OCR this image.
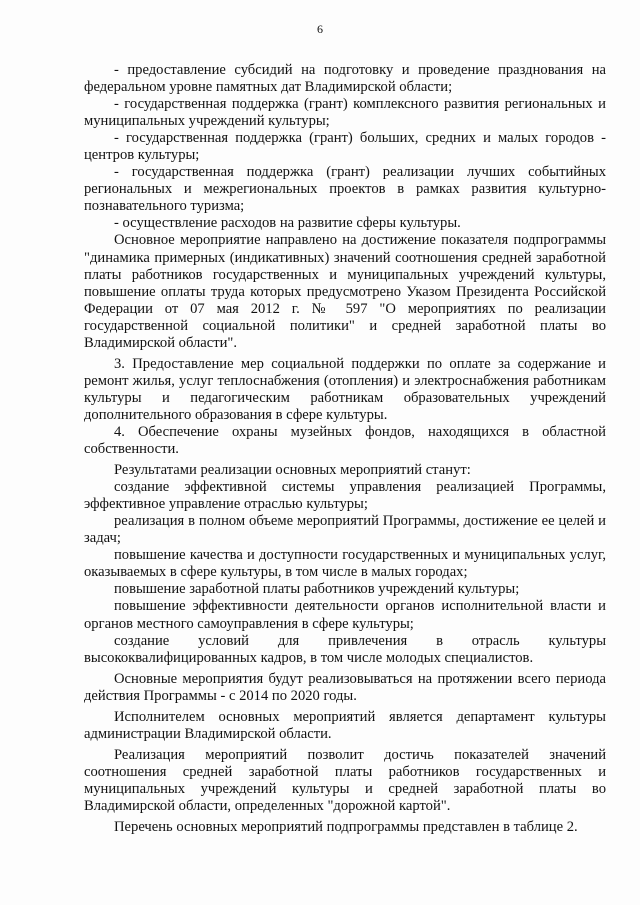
6

- предоставление субсидий на подготовку и проведение празднования на федеральном уровне памятных дат Владимирской области;

- государственная поддержка (грант) комплексного развития региональных и муниципальных учреждений культуры;

- государственная поддержка (грант) больших, средних и малых городов - центров культуры;

- государственная поддержка (грант) реализации лучших событийных региональных и межрегиональных проектов в рамках развития культурно-познавательного туризма;

- осуществление расходов на развитие сферы культуры.

Основное мероприятие направлено на достижение показателя подпрограммы "динамика примерных (индикативных) значений соотношения средней заработной платы работников государственных и муниципальных учреждений культуры, повышение оплаты труда которых предусмотрено Указом Президента Российской Федерации от 07 мая 2012 г. № 597 "О мероприятиях по реализации государственной социальной политики" и средней заработной платы во Владимирской области".

3. Предоставление мер социальной поддержки по оплате за содержание и ремонт жилья, услуг теплоснабжения (отопления) и электроснабжения работникам культуры и педагогическим работникам образовательных учреждений дополнительного образования в сфере культуры.

4. Обеспечение охраны музейных фондов, находящихся в областной собственности.

Результатами реализации основных мероприятий станут:

создание эффективной системы управления реализацией Программы, эффективное управление отраслью культуры;

реализация в полном объеме мероприятий Программы, достижение ее целей и задач;

повышение качества и доступности государственных и муниципальных услуг, оказываемых в сфере культуры, в том числе в малых городах;

повышение заработной платы работников учреждений культуры;

повышение эффективности деятельности органов исполнительной власти и органов местного самоуправления в сфере культуры;

создание условий для привлечения в отрасль культуры высококвалифицированных кадров, в том числе молодых специалистов.

Основные мероприятия будут реализовываться на протяжении всего периода действия Программы - с 2014 по 2020 годы.

Исполнителем основных мероприятий является департамент культуры администрации Владимирской области.

Реализация мероприятий позволит достичь показателей значений соотношения средней заработной платы работников государственных и муниципальных учреждений культуры и средней заработной платы во Владимирской области, определенных "дорожной картой".

Перечень основных мероприятий подпрограммы представлен в таблице 2.
